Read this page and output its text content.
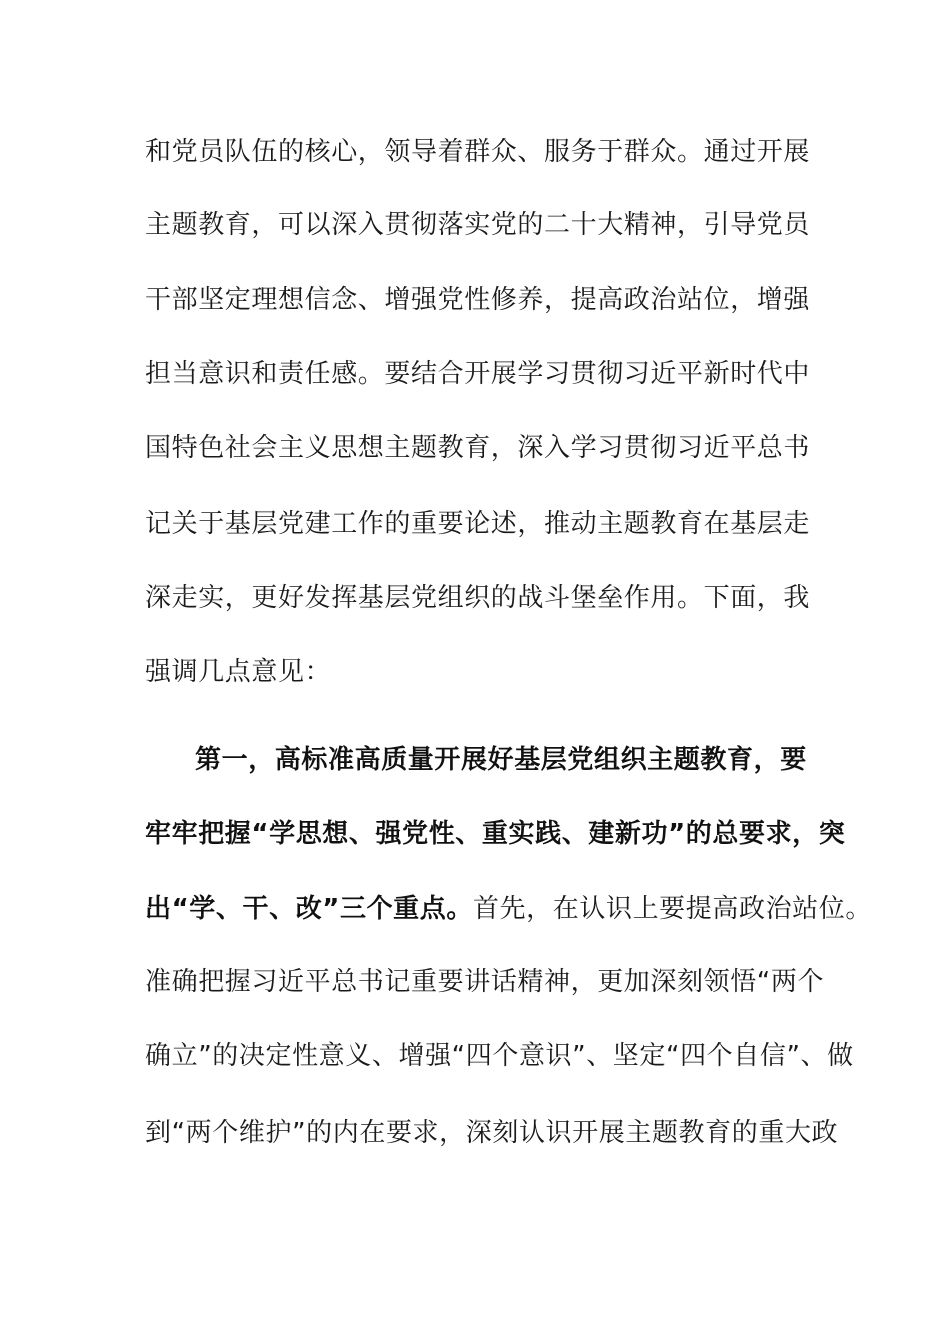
和党员队伍的核心，领导着群众、服务于群众。通过开展
主题教育，可以深入贯彻落实党的二十大精神，引导党员
干部坚定理想信念、增强党性修养，提高政治站位，增强
担当意识和责任感。要结合开展学习贯彻习近平新时代中
国特色社会主义思想主题教育，深入学习贯彻习近平总书
记关于基层党建工作的重要论述，推动主题教育在基层走
深走实，更好发挥基层党组织的战斗堡垒作用。下面，我
强调几点意见：
第一，高标准高质量开展好基层党组织主题教育，要
牢牢把握“学思想、强党性、重实践、建新功”的总要求，突
出“学、干、改”三个重点。首先，在认识上要提高政治站位。
准确把握习近平总书记重要讲话精神，更加深刻领悟“两个
确立”的决定性意义、增强“四个意识”、坚定“四个自信”、做
到“两个维护”的内在要求，深刻认识开展主题教育的重大政
